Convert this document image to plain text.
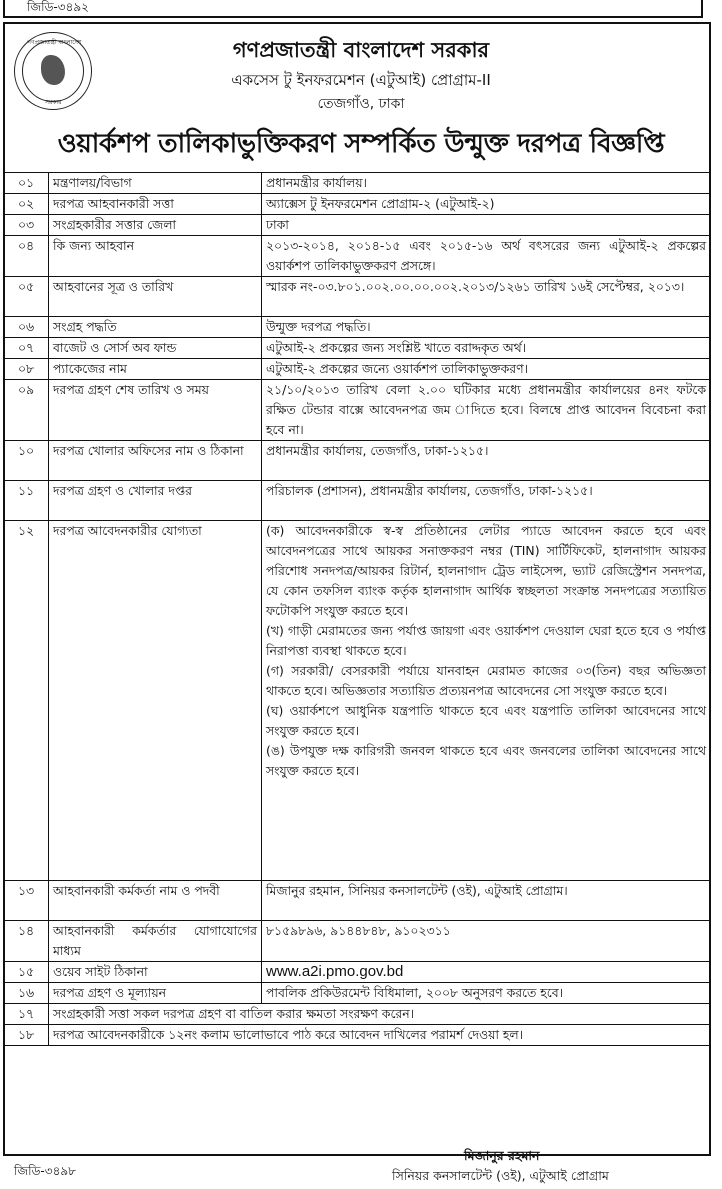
জিডি-৩৪৯২
গণপ্রজাতন্ত্রী বাংলাদেশ
সরকার
গণপ্রজাতন্ত্রী বাংলাদেশ সরকার
একসেস টু ইনফরমেশন (এটুআই) প্রোগ্রাম-II
তেজগাঁও, ঢাকা
ওয়ার্কশপ তালিকাভুক্তিকরণ সম্পর্কিত উন্মুক্ত দরপত্র বিজ্ঞপ্তি
০১	মন্ত্রণালয়/বিভাগ	প্রধানমন্ত্রীর কার্যালয়।

০২	দরপত্র আহবানকারী সত্তা	অ্যাক্সেস টু ইনফরমেশন প্রোগ্রাম-২ (এটুআই-২)

০৩	সংগ্রহকারীর সত্তার জেলা	ঢাকা

০৪	কি জন্য আহবান	২০১৩-২০১৪, ২০১৪-১৫ এবং ২০১৫-১৬ অর্থ বৎসরের জন্য এটুআই-২ প্রকল্পের ওয়ার্কশপ তালিকাভুক্তকরণ প্রসঙ্গে।

০৫	আহবানের সূত্র ও তারিখ	স্মারক নং-০৩.৮০১.০০২.০০.০০.০০২.২০১৩/১২৬১ তারিখ ১৬ই সেপ্টেম্বর, ২০১৩।

০৬	সংগ্রহ পদ্ধতি	উন্মুক্ত দরপত্র পদ্ধতি।

০৭	বাজেট ও সোর্স অব ফান্ড	এটুআই-২ প্রকল্পের জন্য সংশ্লিষ্ট খাতে বরাদ্দকৃত অর্থ।

০৮	প্যাকেজের নাম	এটুআই-২ প্রকল্পের জন্যে ওয়ার্কশপ তালিকাভুক্তকরণ।

০৯	দরপত্র গ্রহণ শেষ তারিখ ও সময়	২১/১০/২০১৩ তারিখ বেলা ২.০০ ঘটিকার মধ্যে প্রধানমন্ত্রীর কার্যালয়ের ৪নং ফটকে রক্ষিত টেন্ডার বাক্সে আবেদনপত্র জম াদিতে হবে। বিলম্বে প্রাপ্ত আবেদন বিবেচনা করা হবে না।

১০	দরপত্র খোলার অফিসের নাম ও ঠিকানা	প্রধানমন্ত্রীর কার্যালয়, তেজগাঁও, ঢাকা-১২১৫।

১১	দরপত্র গ্রহণ ও খোলার দপ্তর	পরিচালক (প্রশাসন), প্রধানমন্ত্রীর কার্যালয়, তেজগাঁও, ঢাকা-১২১৫।

১২	দরপত্র আবেদনকারীর যোগ্যতা	(ক) আবেদনকারীকে স্ব-স্ব প্রতিষ্ঠানের লেটার প্যাডে আবেদন করতে হবে এবং আবেদনপত্রের সাথে আয়কর সনাক্তকরণ নম্বর (TIN) সার্টিফিকেট, হালনাগাদ আয়কর পরিশোধ সনদপত্র/আয়কর রিটার্ন, হালনাগাদ ট্রেড লাইসেন্স, ভ্যাট রেজিস্ট্রেশন সনদপত্র, যে কোন তফসিল ব্যাংক কর্তৃক হালনাগাদ আর্থিক স্বচ্ছলতা সংক্রান্ত সনদপত্রের সত্যায়িত ফটোকপি সংযুক্ত করতে হবে।

(খ) গাড়ী মেরামতের জন্য পর্যাপ্ত জায়গা এবং ওয়ার্কশপ দেওয়াল ঘেরা হতে হবে ও পর্যাপ্ত নিরাপত্তা ব্যবস্থা থাকতে হবে।

(গ) সরকারী/ বেসরকারী পর্যায়ে যানবাহন মেরামত কাজের ০৩(তিন) বছর অভিজ্ঞতা থাকতে হবে। অভিজ্ঞতার সত্যায়িত প্রত্যয়নপত্র আবেদনের সাে সংযুক্ত করতে হবে।

(ঘ) ওয়ার্কশপে আধুনিক যন্ত্রপাতি থাকতে হবে এবং যন্ত্রপাতি তালিকা আবেদনের সাথে সংযুক্ত করতে হবে।

(ঙ) উপযুক্ত দক্ষ কারিগরী জনবল থাকতে হবে এবং জনবলের তালিকা আবেদনের সাথে সংযুক্ত করতে হবে।

১৩	আহবানকারী কর্মকর্তা নাম ও পদবী	মিজানুর রহমান, সিনিয়র কনসালটেন্ট (ওই), এটুআই প্রোগ্রাম।

১৪	আহবানকারী কর্মকর্তার যোগাযোগের মাধ্যম	৮১৫৯৮৯৬, ৯১৪৪৮৪৮, ৯১০২৩১১

১৫	ওয়েব সাইট ঠিকানা	www.a2i.pmo.gov.bd

১৬	দরপত্র গ্রহণ ও মূল্যায়ন	পাবলিক প্রকিউরমেন্ট বিধিমালা, ২০০৮ অনুসরণ করতে হবে।

১৭	সংগ্রহকারী সত্তা সকল দরপত্র গ্রহণ বা বাতিল করার ক্ষমতা সংরক্ষণ করেন।	
১৮	দরপত্র আবেদনকারীকে ১২নং কলাম ভালোভাবে পাঠ করে আবেদন দাখিলের পরামর্শ দেওয়া হল।	
জিডি-৩৪৯৮
মিজানুর রহমান
সিনিয়র কনসালটেন্ট (ওই), এটুআই প্রোগ্রাম
